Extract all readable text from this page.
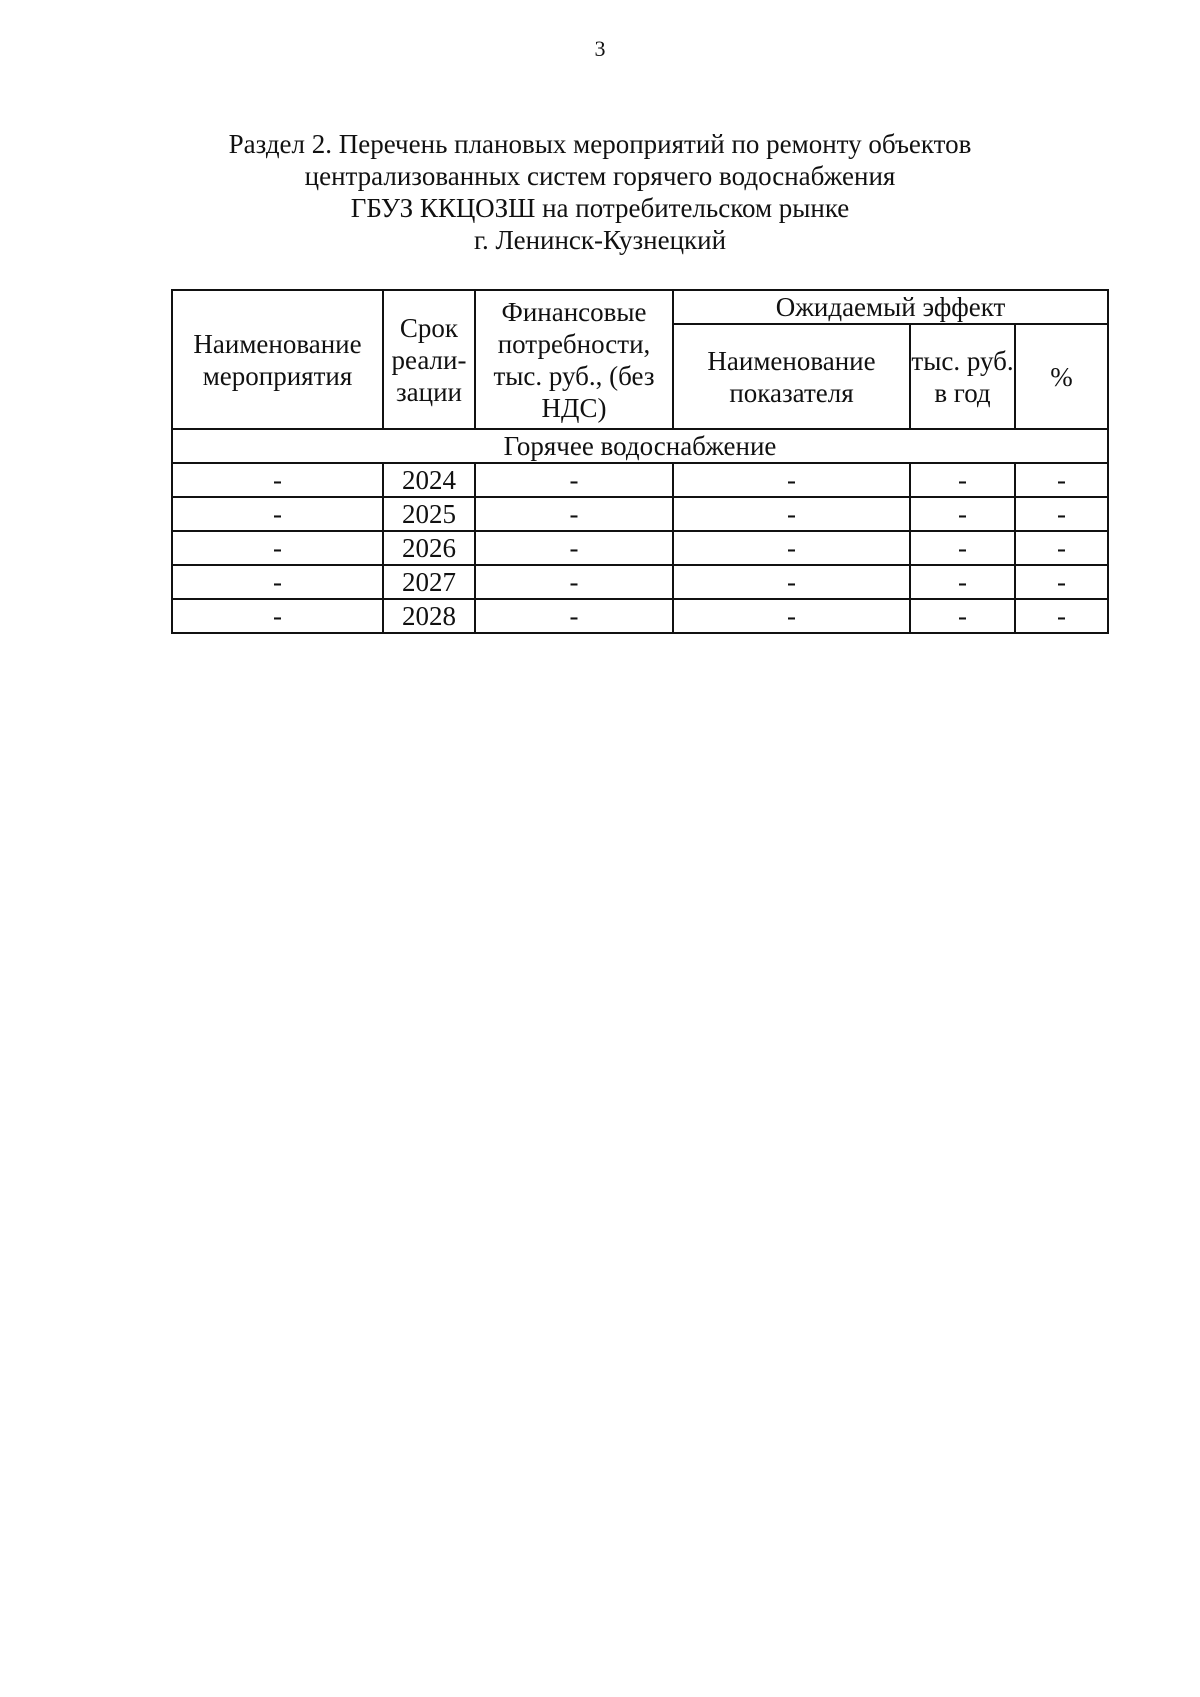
3
Раздел 2. Перечень плановых мероприятий по ремонту объектов
централизованных систем горячего водоснабжения
ГБУЗ ККЦОЗШ на потребительском рынке
г. Ленинск-Кузнецкий
Наименование мероприятия	Срок реали-зации	Финансовые потребности, тыс. руб., (без НДС)	Ожидаемый эффект		
			Наименование показателя	тыс. руб. в год	%
Горячее водоснабжение					
-	2024	-	-	-	-
-	2025	-	-	-	-
-	2026	-	-	-	-
-	2027	-	-	-	-
-	2028	-	-	-	-
